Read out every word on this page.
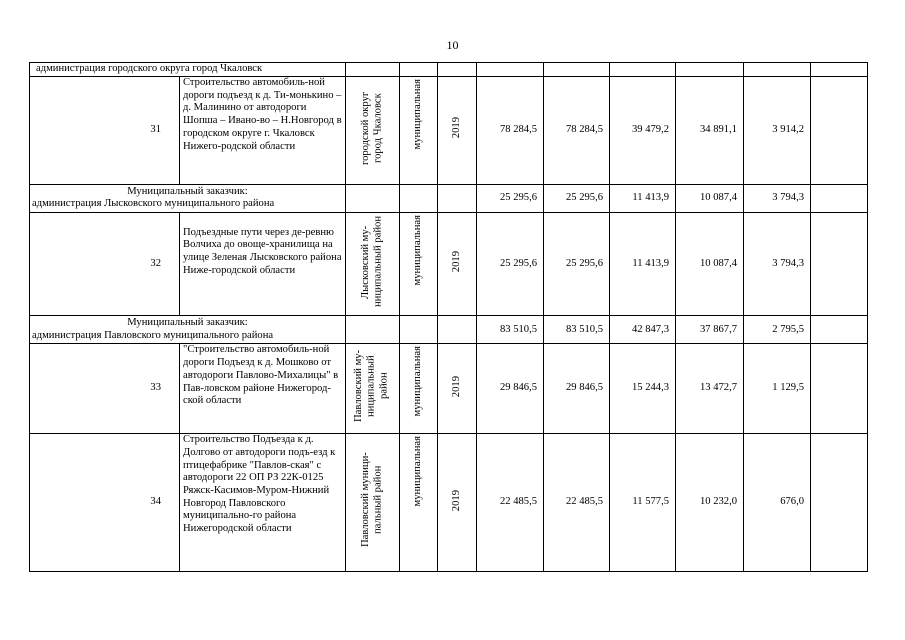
10
администрация городского округа город Чкаловск										
31	Строительство автомобиль-ной дороги подъезд к д. Ти-монькино – д. Малинино от автодороги Шопша – Ивано-во – Н.Новгород в городском округе г. Чкаловск Нижего-родской области	городской округ город Чкаловск	муниципальная	2019	78 284,5	78 284,5	39 479,2	34 891,1	3 914,2	

Муниципальный заказчик:
администрация Лысковского муниципального района					25 295,6	25 295,6	11 413,9	10 087,4	3 794,3	
32	Подъездные пути через де-ревню Волчиха до овоще-хранилища на улице Зеленая Лысковского района Ниже-городской области	Лысковский му-ниципальный район	муниципальная	2019	25 295,6	25 295,6	11 413,9	10 087,4	3 794,3	

Муниципальный заказчик:
администрация Павловского муниципального района					83 510,5	83 510,5	42 847,3	37 867,7	2 795,5	
33	"Строительство автомобиль-ной дороги Подъезд к д. Мошково от автодороги Павлово-Михалицы" в Пав-ловском районе Нижегород-ской области	Павловский му-ниципальный район	муниципальная	2019	29 846,5	29 846,5	15 244,3	13 472,7	1 129,5	
34	Строительство Подъезда к д. Долгово от автодороги подъ-езд к птицефабрике "Павлов-ская" с автодороги 22 ОП РЗ 22К-0125 Ряжск-Касимов-Муром-Нижний Новгород Павловского муниципально-го района Нижегородской области	Павловский муници-пальный район	муниципальная	2019	22 485,5	22 485,5	11 577,5	10 232,0	676,0	
